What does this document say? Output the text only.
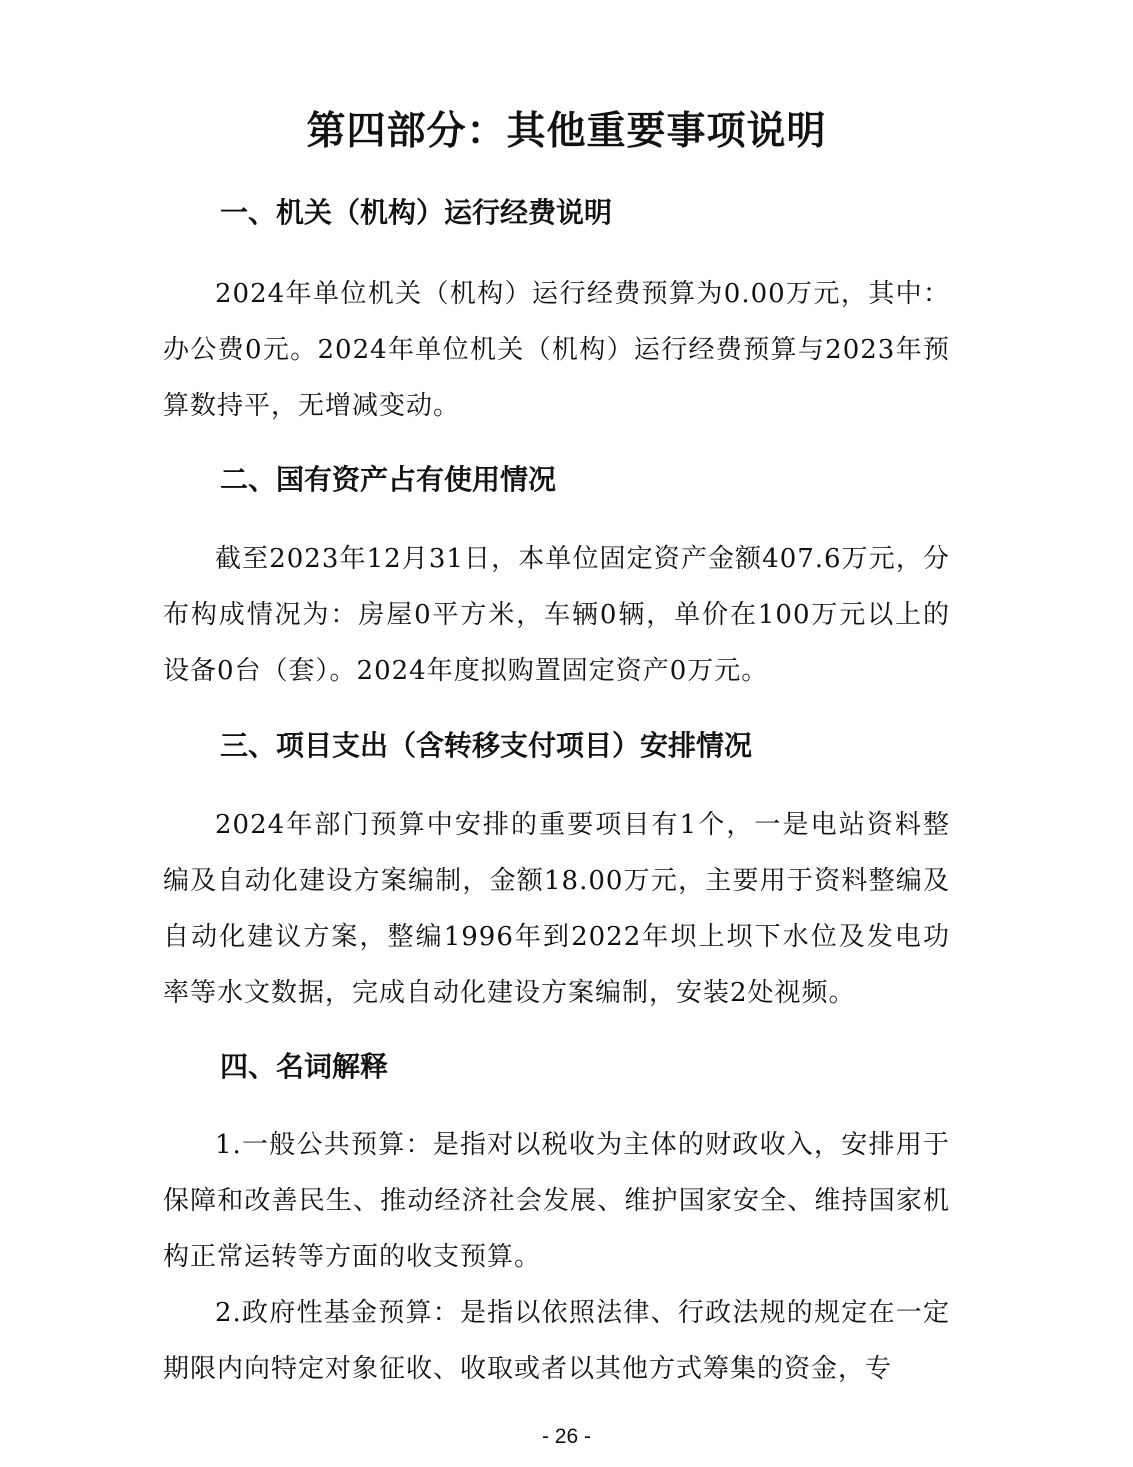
第四部分：其他重要事项说明
一、机关（机构）运行经费说明

2024年单位机关（机构）运行经费预算为0.00万元，其中：办公费0元。2024年单位机关（机构）运行经费预算与2023年预算数持平，无增减变动。

二、国有资产占有使用情况

截至2023年12月31日，本单位固定资产金额407.6万元，分布构成情况为：房屋0平方米，车辆0辆，单价在100万元以上的设备0台（套）。2024年度拟购置固定资产0万元。

三、项目支出（含转移支付项目）安排情况

2024年部门预算中安排的重要项目有1个，一是电站资料整编及自动化建设方案编制，金额18.00万元，主要用于资料整编及自动化建议方案，整编1996年到2022年坝上坝下水位及发电功率等水文数据，完成自动化建设方案编制，安装2处视频。

四、名词解释

1.一般公共预算：是指对以税收为主体的财政收入，安排用于保障和改善民生、推动经济社会发展、维护国家安全、维持国家机构正常运转等方面的收支预算。

2.政府性基金预算：是指以依照法律、行政法规的规定在一定期限内向特定对象征收、收取或者以其他方式筹集的资金，专

- 26 -
